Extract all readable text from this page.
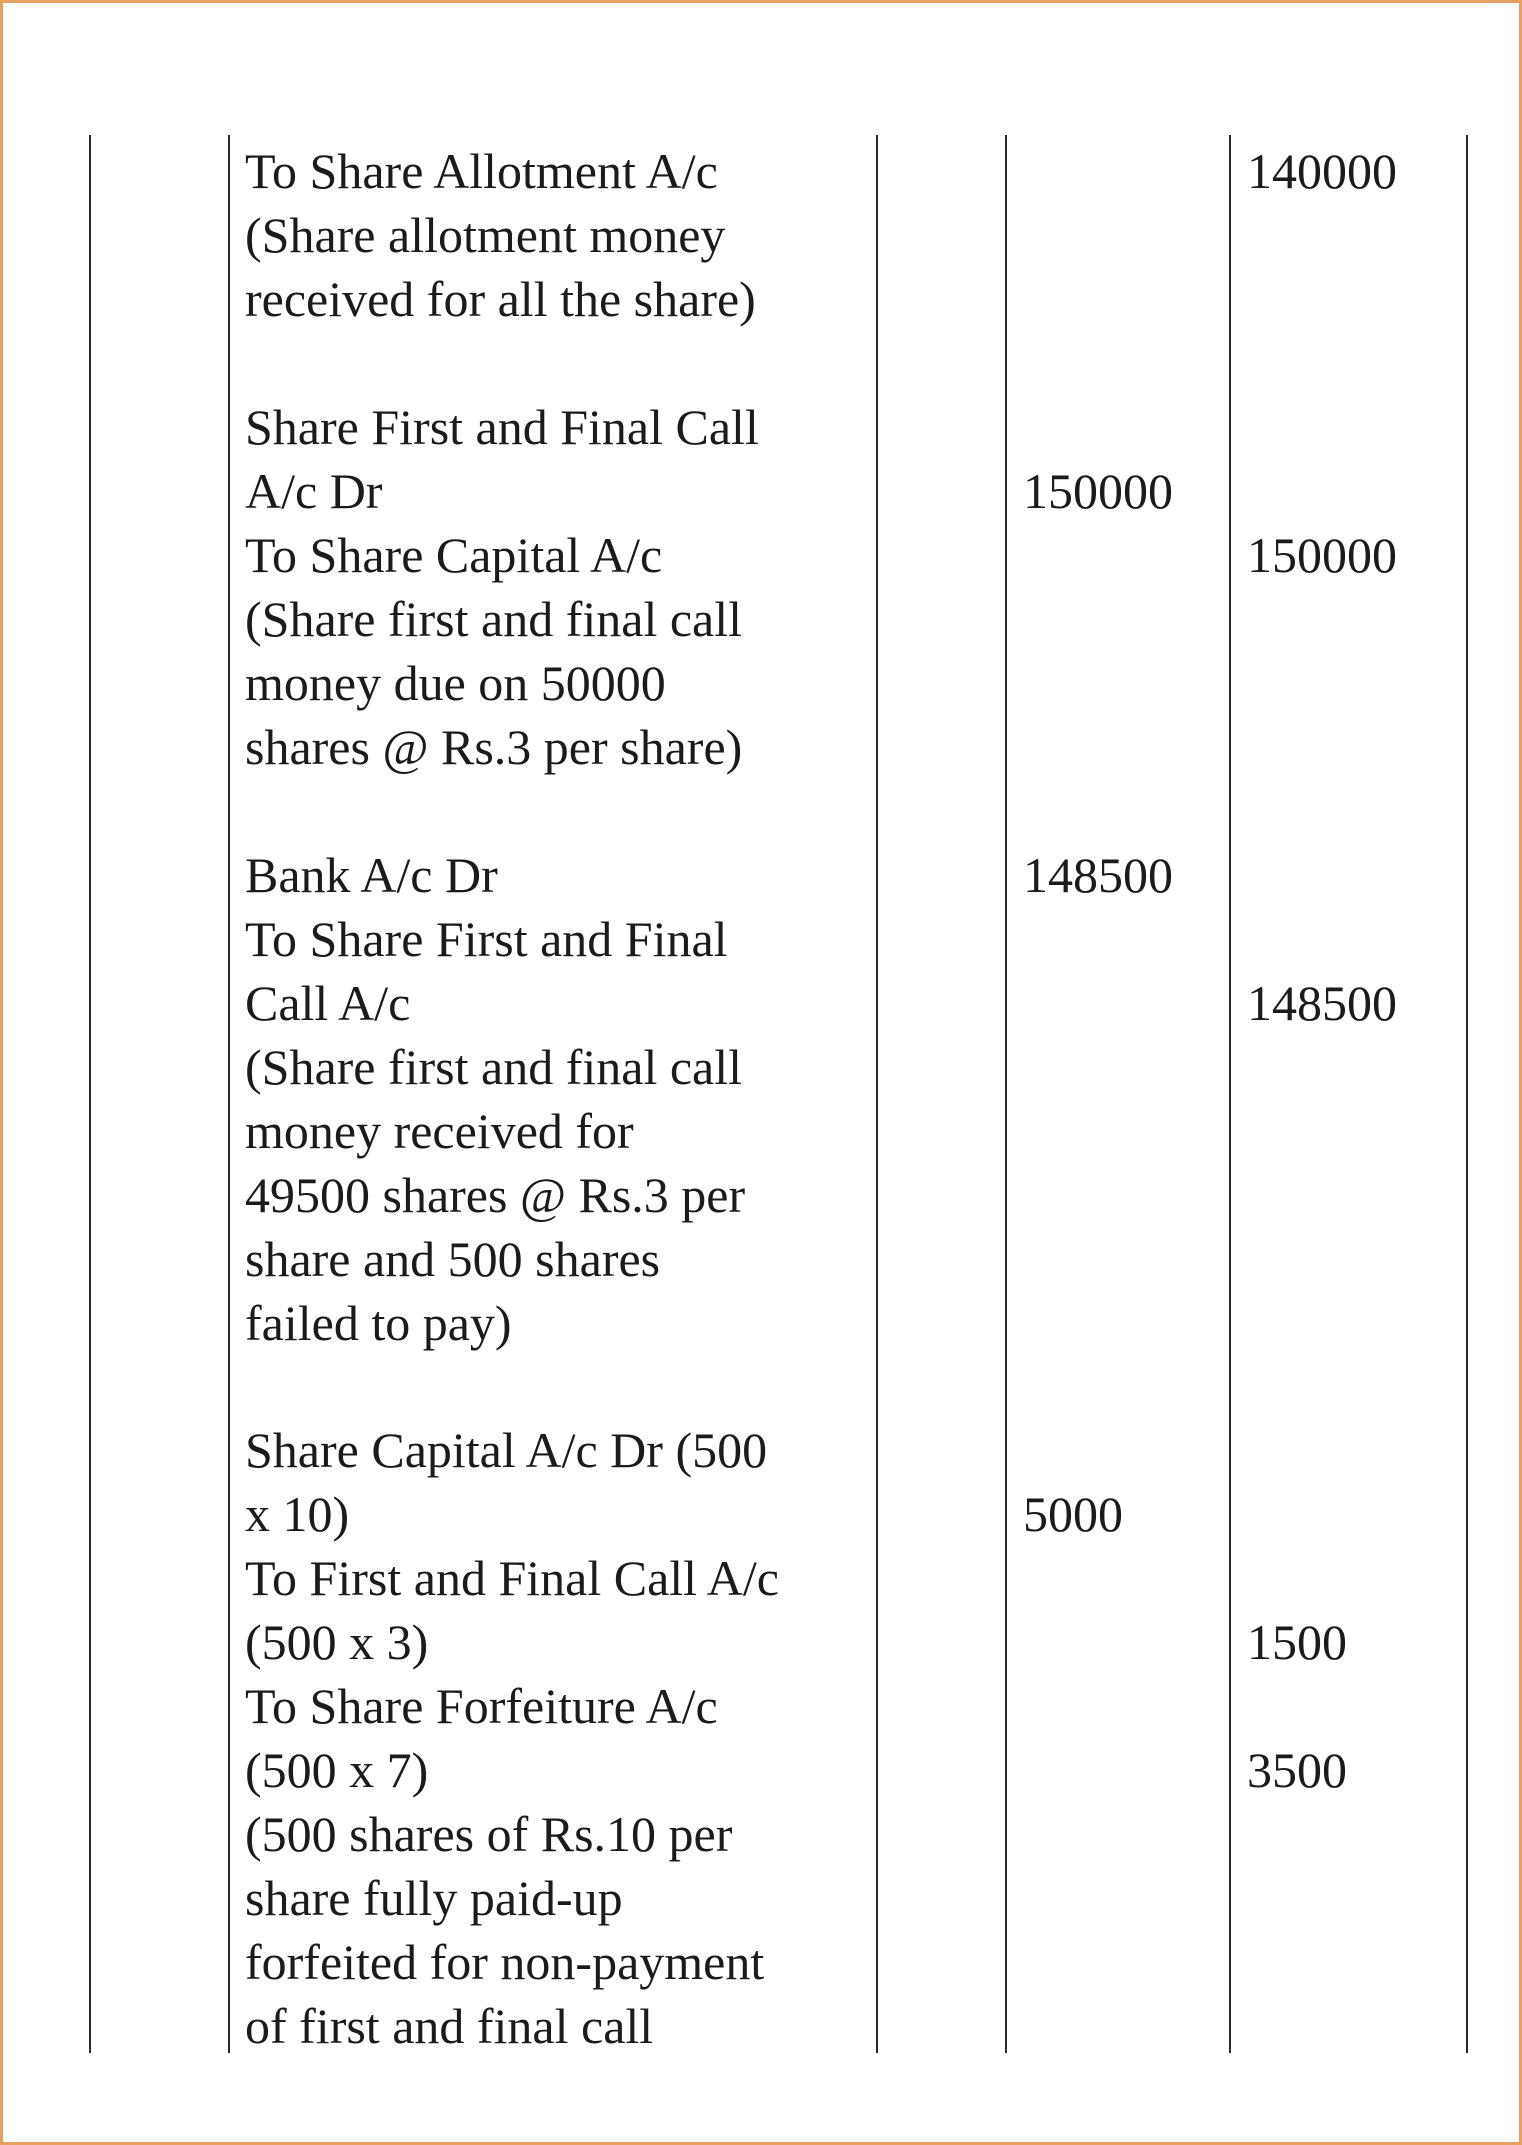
To Share Allotment A/c

(Share allotment money

received for all the share)

140000

Share First and Final Call

A/c Dr

To Share Capital A/c

(Share first and final call

money due on 50000

shares @ Rs.3 per share)

150000

150000

Bank A/c Dr

To Share First and Final

Call A/c

(Share first and final call

money received for

49500 shares @ Rs.3 per

share and 500 shares

failed to pay)

148500

148500

Share Capital A/c Dr (500

x 10)

To First and Final Call A/c

(500 x 3)

To Share Forfeiture A/c

(500 x 7)

(500 shares of Rs.10 per

share fully paid-up

forfeited for non-payment

of first and final call

5000

1500

3500
